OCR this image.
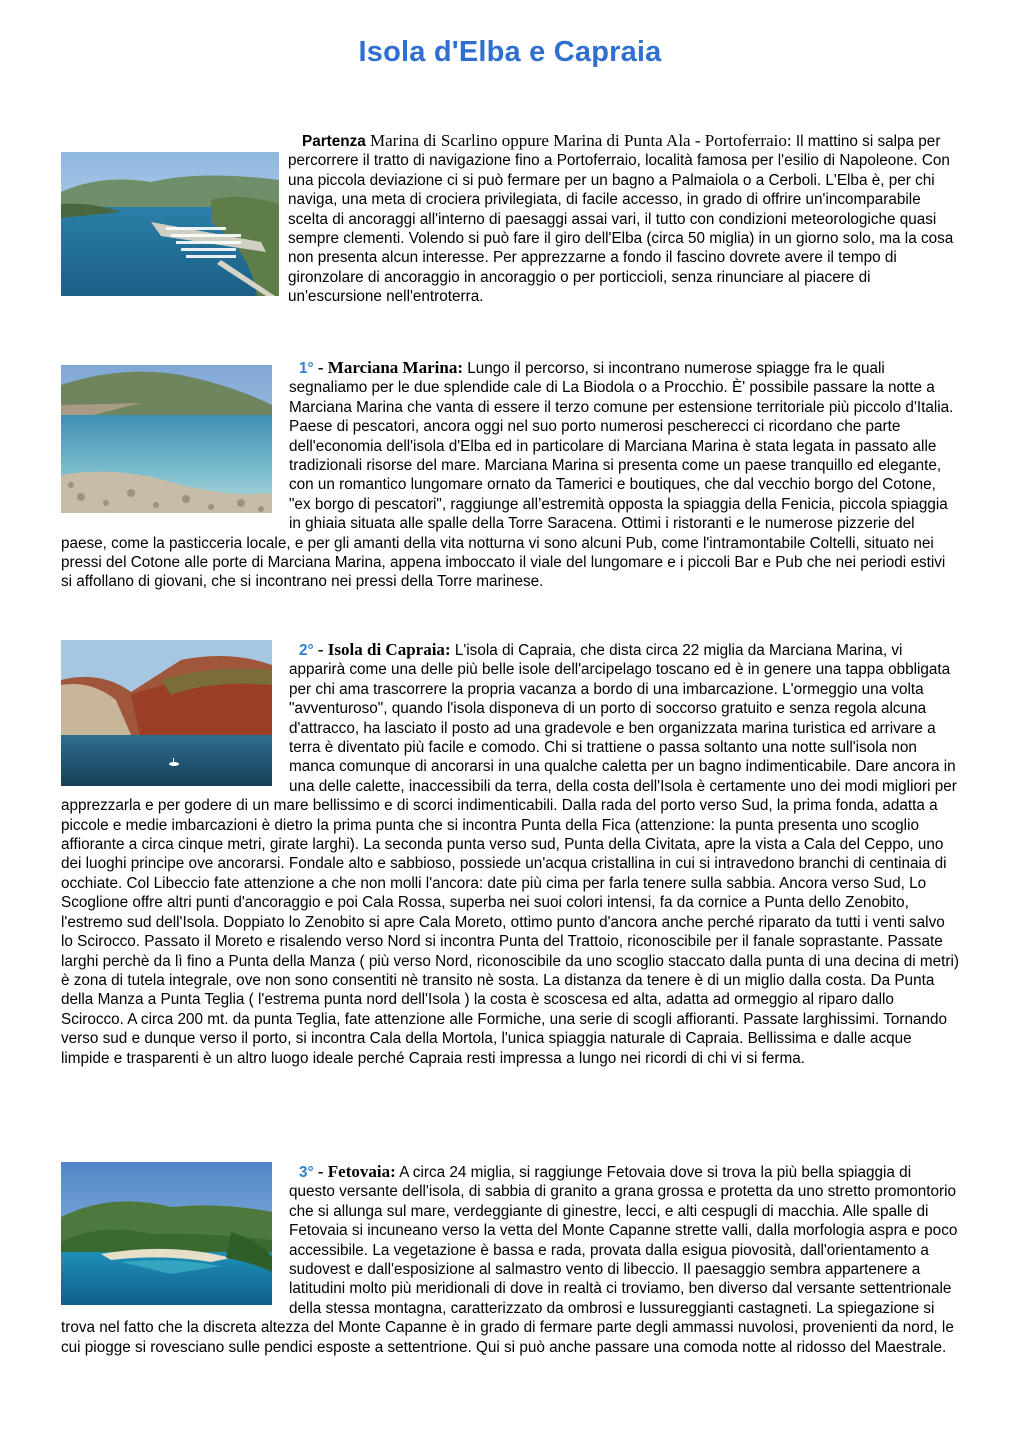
Isola d'Elba e Capraia

Partenza Marina di Scarlino oppure Marina di Punta Ala - Portoferraio: Il mattino si salpa per percorrere il tratto di navigazione fino a Portoferraio, località famosa per l'esilio di Napoleone. Con una piccola deviazione ci si può fermare per un bagno a Palmaiola o a Cerboli. L'Elba è, per chi naviga, una meta di crociera privilegiata, di facile accesso, in grado di offrire un'incomparabile scelta di ancoraggi all'interno di paesaggi assai vari, il tutto con condizioni meteorologiche quasi sempre clementi. Volendo si può fare il giro dell'Elba (circa 50 miglia) in un giorno solo, ma la cosa non presenta alcun interesse. Per apprezzarne a fondo il fascino dovrete avere il tempo di gironzolare di ancoraggio in ancoraggio o per porticcioli, senza rinunciare al piacere di un'escursione nell'entroterra.

1° - Marciana Marina: Lungo il percorso, si incontrano numerose spiagge fra le quali segnaliamo per le due splendide cale di La Biodola o a Procchio. È' possibile passare la notte a Marciana Marina che vanta di essere il terzo comune per estensione territoriale più piccolo d'Italia. Paese di pescatori, ancora oggi nel suo porto numerosi pescherecci ci ricordano che parte dell'economia dell'isola d'Elba ed in particolare di Marciana Marina è stata legata in passato alle tradizionali risorse del mare. Marciana Marina si presenta come un paese tranquillo ed elegante, con un romantico lungomare ornato da Tamerici e boutiques, che dal vecchio borgo del Cotone, "ex borgo di pescatori", raggiunge all’estremità opposta la spiaggia della Fenicia, piccola spiaggia in ghiaia situata alle spalle della Torre Saracena. Ottimi i ristoranti e le numerose pizzerie del paese, come la pasticceria locale, e per gli amanti della vita notturna vi sono alcuni Pub, come l'intramontabile Coltelli, situato nei pressi del Cotone alle porte di Marciana Marina, appena imboccato il viale del lungomare e i piccoli Bar e Pub che nei periodi estivi si affollano di giovani, che si incontrano nei pressi della Torre marinese.

2° - Isola di Capraia: L'isola di Capraia, che dista circa 22 miglia da Marciana Marina, vi apparirà come una delle più belle isole dell'arcipelago toscano ed è in genere una tappa obbligata per chi ama trascorrere la propria vacanza a bordo di una imbarcazione. L'ormeggio una volta "avventuroso", quando l'isola disponeva di un porto di soccorso gratuito e senza regola alcuna d'attracco, ha lasciato il posto ad una gradevole e ben organizzata marina turistica ed arrivare a terra è diventato più facile e comodo. Chi si trattiene o passa soltanto una notte sull'isola non manca comunque di ancorarsi in una qualche caletta per un bagno indimenticabile. Dare ancora in una delle calette, inaccessibili da terra, della costa dell'Isola è certamente uno dei modi migliori per apprezzarla e per godere di un mare bellissimo e di scorci indimenticabili. Dalla rada del porto verso Sud, la prima fonda, adatta a piccole e medie imbarcazioni è dietro la prima punta che si incontra Punta della Fica (attenzione: la punta presenta uno scoglio affiorante a circa cinque metri, girate larghi). La seconda punta verso sud, Punta della Civitata, apre la vista a Cala del Ceppo, uno dei luoghi principe ove ancorarsi. Fondale alto e sabbioso, possiede un'acqua cristallina in cui si intravedono branchi di centinaia di occhiate. Col Libeccio fate attenzione a che non molli l'ancora: date più cima per farla tenere sulla sabbia. Ancora verso Sud, Lo Scoglione offre altri punti d'ancoraggio e poi Cala Rossa, superba nei suoi colori intensi, fa da cornice a Punta dello Zenobito, l'estremo sud dell'Isola. Doppiato lo Zenobito si apre Cala Moreto, ottimo punto d'ancora anche perché riparato da tutti i venti salvo lo Scirocco. Passato il Moreto e risalendo verso Nord si incontra Punta del Trattoio, riconoscibile per il fanale soprastante. Passate larghi perchè da lì fino a Punta della Manza ( più verso Nord, riconoscibile da uno scoglio staccato dalla punta di una decina di metri) è zona di tutela integrale, ove non sono consentiti nè transito nè sosta. La distanza da tenere è di un miglio dalla costa. Da Punta della Manza a Punta Teglia ( l'estrema punta nord dell'Isola ) la costa è scoscesa ed alta, adatta ad ormeggio al riparo dallo Scirocco. A circa 200 mt. da punta Teglia, fate attenzione alle Formiche, una serie di scogli affioranti. Passate larghissimi. Tornando verso sud e dunque verso il porto, si incontra Cala della Mortola, l'unica spiaggia naturale di Capraia. Bellissima e dalle acque limpide e trasparenti è un altro luogo ideale perché Capraia resti impressa a lungo nei ricordi di chi vi si ferma.

3° - Fetovaia: A circa 24 miglia, si raggiunge Fetovaia dove si trova la più bella spiaggia di questo versante dell'isola, di sabbia di granito a grana grossa e protetta da uno stretto promontorio che si allunga sul mare, verdeggiante di ginestre, lecci, e alti cespugli di macchia. Alle spalle di Fetovaia si incuneano verso la vetta del Monte Capanne strette valli, dalla morfologia aspra e poco accessibile. La vegetazione è bassa e rada, provata dalla esigua piovosità, dall'orientamento a sudovest e dall'esposizione al salmastro vento di libeccio. Il paesaggio sembra appartenere a latitudini molto più meridionali di dove in realtà ci troviamo, ben diverso dal versante settentrionale della stessa montagna, caratterizzato da ombrosi e lussureggianti castagneti. La spiegazione si trova nel fatto che la discreta altezza del Monte Capanne è in grado di fermare parte degli ammassi nuvolosi, provenienti da nord, le cui piogge si rovesciano sulle pendici esposte a settentrione. Qui si può anche passare una comoda notte al ridosso del Maestrale.
